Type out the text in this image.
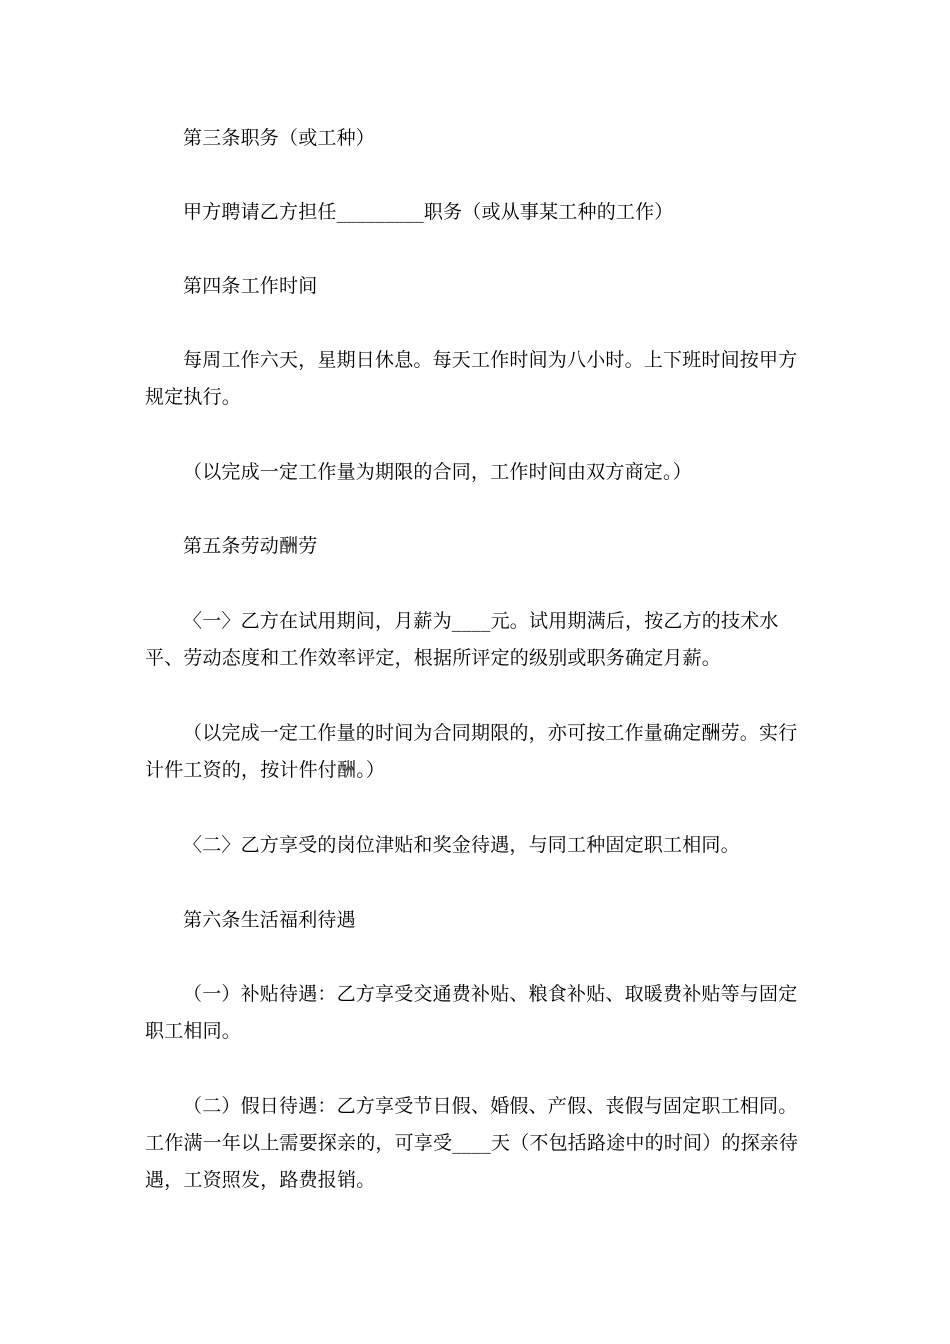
第三条职务（或工种）

甲方聘请乙方担任_________职务（或从事某工种的工作）

第四条工作时间

每周工作六天，星期日休息。每天工作时间为八小时。上下班时间按甲方规定执行。

（以完成一定工作量为期限的合同，工作时间由双方商定。）

第五条劳动酬劳

〈一〉乙方在试用期间，月薪为____元。试用期满后，按乙方的技术水平、劳动态度和工作效率评定，根据所评定的级别或职务确定月薪。

（以完成一定工作量的时间为合同期限的，亦可按工作量确定酬劳。实行计件工资的，按计件付酬。）

〈二〉乙方享受的岗位津贴和奖金待遇，与同工种固定职工相同。

第六条生活福利待遇

（一）补贴待遇：乙方享受交通费补贴、粮食补贴、取暖费补贴等与固定职工相同。

（二）假日待遇：乙方享受节日假、婚假、产假、丧假与固定职工相同。工作满一年以上需要探亲的，可享受____天（不包括路途中的时间）的探亲待遇，工资照发，路费报销。
